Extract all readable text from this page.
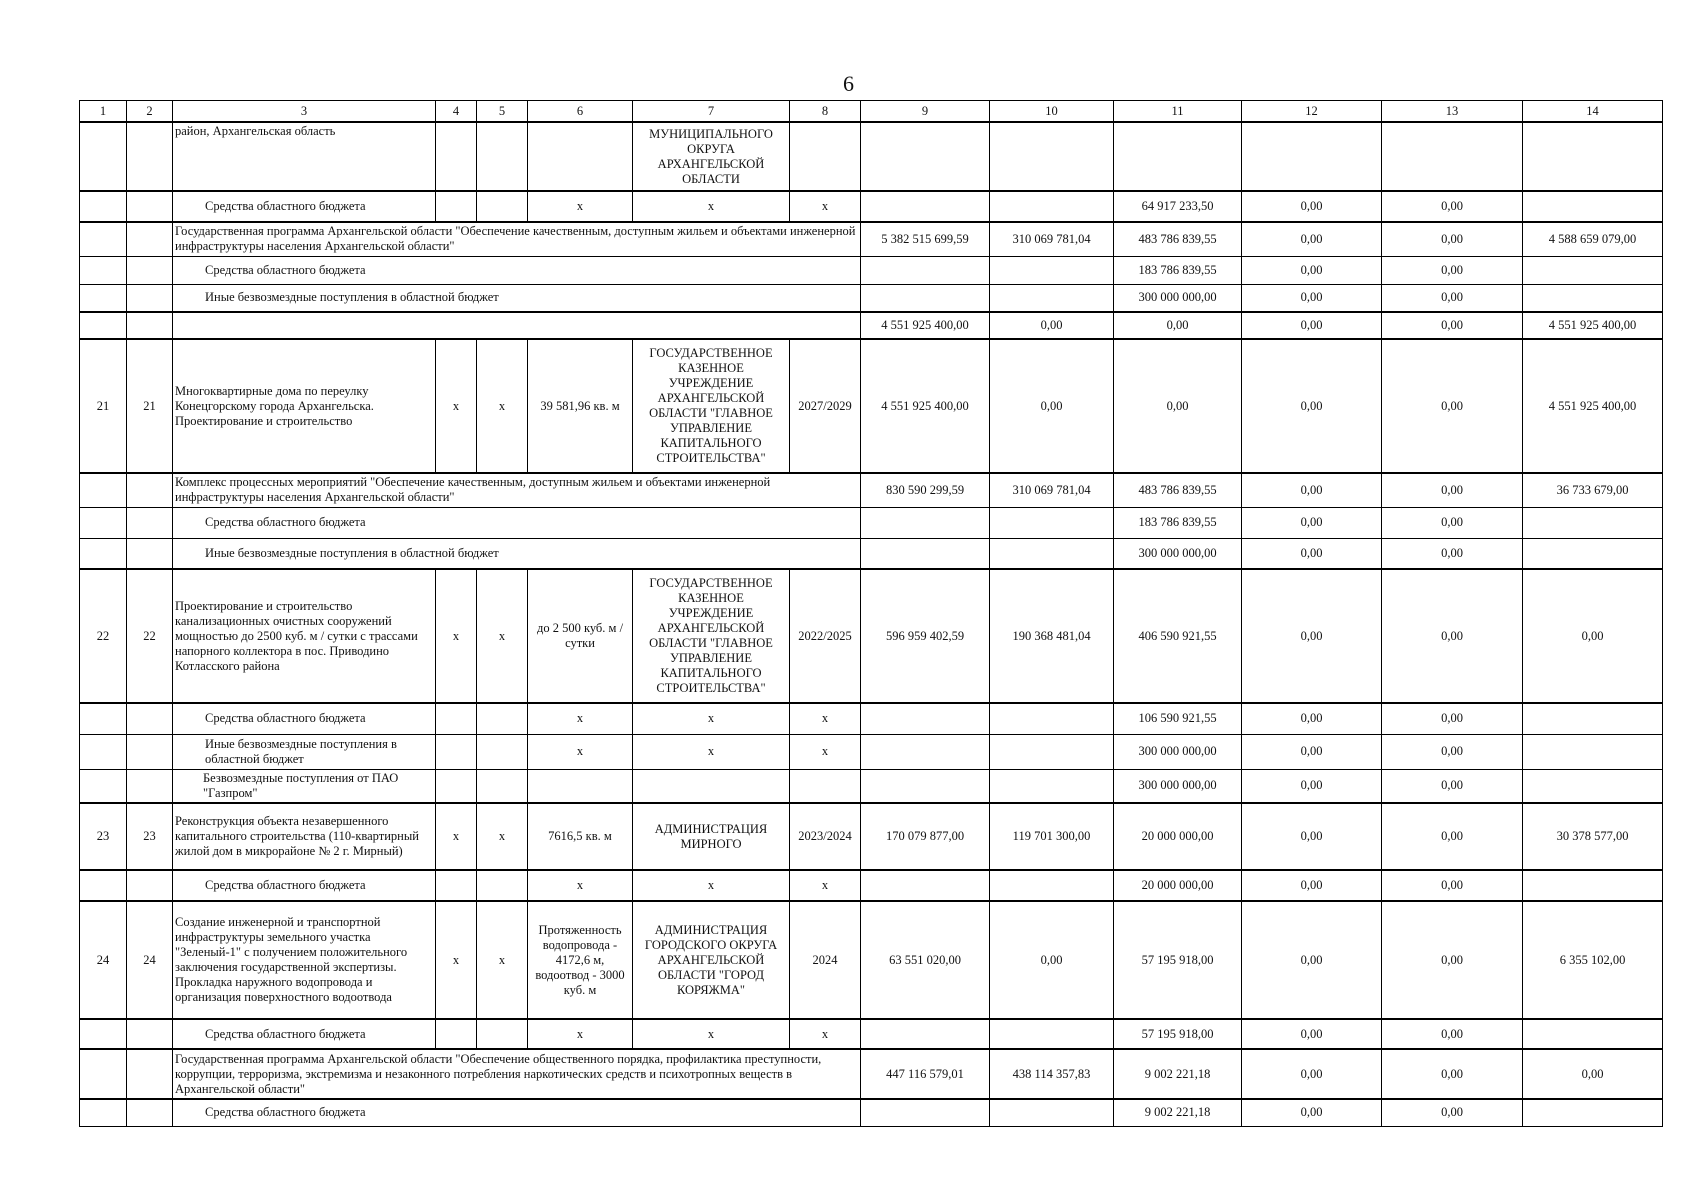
6
1	2	3	4	5	6	7	8	9	10	11	12	13	14
		район, Архангельская область				МУНИЦИПАЛЬНОГО ОКРУГА АРХАНГЕЛЬСКОЙ ОБЛАСТИ							
		Средства областного бюджета			х	х	х			64 917 233,50	0,00	0,00	
		Государственная программа Архангельской области "Обеспечение качественным, доступным жильем и объектами инженерной инфраструктуры населения Архангельской области"						5 382 515 699,59	310 069 781,04	483 786 839,55	0,00	0,00	4 588 659 079,00
		Средства областного бюджета								183 786 839,55	0,00	0,00	
		Иные безвозмездные поступления в областной бюджет								300 000 000,00	0,00	0,00	
								4 551 925 400,00	0,00	0,00	0,00	0,00	4 551 925 400,00
21	21	Многоквартирные дома по переулку Конецгорскому города Архангельска. Проектирование и строительство	х	х	39 581,96 кв. м	ГОСУДАРСТВЕННОЕ КАЗЕННОЕ УЧРЕЖДЕНИЕ АРХАНГЕЛЬСКОЙ ОБЛАСТИ "ГЛАВНОЕ УПРАВЛЕНИЕ КАПИТАЛЬНОГО СТРОИТЕЛЬСТВА"	2027/2029	4 551 925 400,00	0,00	0,00	0,00	0,00	4 551 925 400,00
		Комплекс процессных мероприятий "Обеспечение качественным, доступным жильем и объектами инженерной инфраструктуры населения Архангельской области"						830 590 299,59	310 069 781,04	483 786 839,55	0,00	0,00	36 733 679,00
		Средства областного бюджета								183 786 839,55	0,00	0,00	
		Иные безвозмездные поступления в областной бюджет								300 000 000,00	0,00	0,00	
22	22	Проектирование и строительство канализационных очистных сооружений мощностью до 2500 куб. м / сутки с трассами напорного коллектора в пос. Приводино Котласского района	х	х	до 2 500 куб. м / сутки	ГОСУДАРСТВЕННОЕ КАЗЕННОЕ УЧРЕЖДЕНИЕ АРХАНГЕЛЬСКОЙ ОБЛАСТИ "ГЛАВНОЕ УПРАВЛЕНИЕ КАПИТАЛЬНОГО СТРОИТЕЛЬСТВА"	2022/2025	596 959 402,59	190 368 481,04	406 590 921,55	0,00	0,00	0,00
		Средства областного бюджета			х	х	х			106 590 921,55	0,00	0,00	
		Иные безвозмездные поступления в областной бюджет			х	х	х			300 000 000,00	0,00	0,00	
		Безвозмездные поступления от ПАО "Газпром"								300 000 000,00	0,00	0,00	
23	23	Реконструкция объекта незавершенного капитального строительства (110-квартирный жилой дом в микрорайоне № 2 г. Мирный)	х	х	7616,5 кв. м	АДМИНИСТРАЦИЯ МИРНОГО	2023/2024	170 079 877,00	119 701 300,00	20 000 000,00	0,00	0,00	30 378 577,00
		Средства областного бюджета			х	х	х			20 000 000,00	0,00	0,00	
24	24	Создание инженерной и транспортной инфраструктуры земельного участка "Зеленый-1" с получением положительного заключения государственной экспертизы. Прокладка наружного водопровода и организация поверхностного водоотвода	х	х	Протяженность водопровода - 4172,6 м, водоотвод - 3000 куб. м	АДМИНИСТРАЦИЯ ГОРОДСКОГО ОКРУГА АРХАНГЕЛЬСКОЙ ОБЛАСТИ "ГОРОД КОРЯЖМА"	2024	63 551 020,00	0,00	57 195 918,00	0,00	0,00	6 355 102,00
		Средства областного бюджета			х	х	х			57 195 918,00	0,00	0,00	
		Государственная программа Архангельской области "Обеспечение общественного порядка, профилактика преступности, коррупции, терроризма, экстремизма и незаконного потребления наркотических средств и психотропных веществ в Архангельской области"						447 116 579,01	438 114 357,83	9 002 221,18	0,00	0,00	0,00
		Средства областного бюджета								9 002 221,18	0,00	0,00	
